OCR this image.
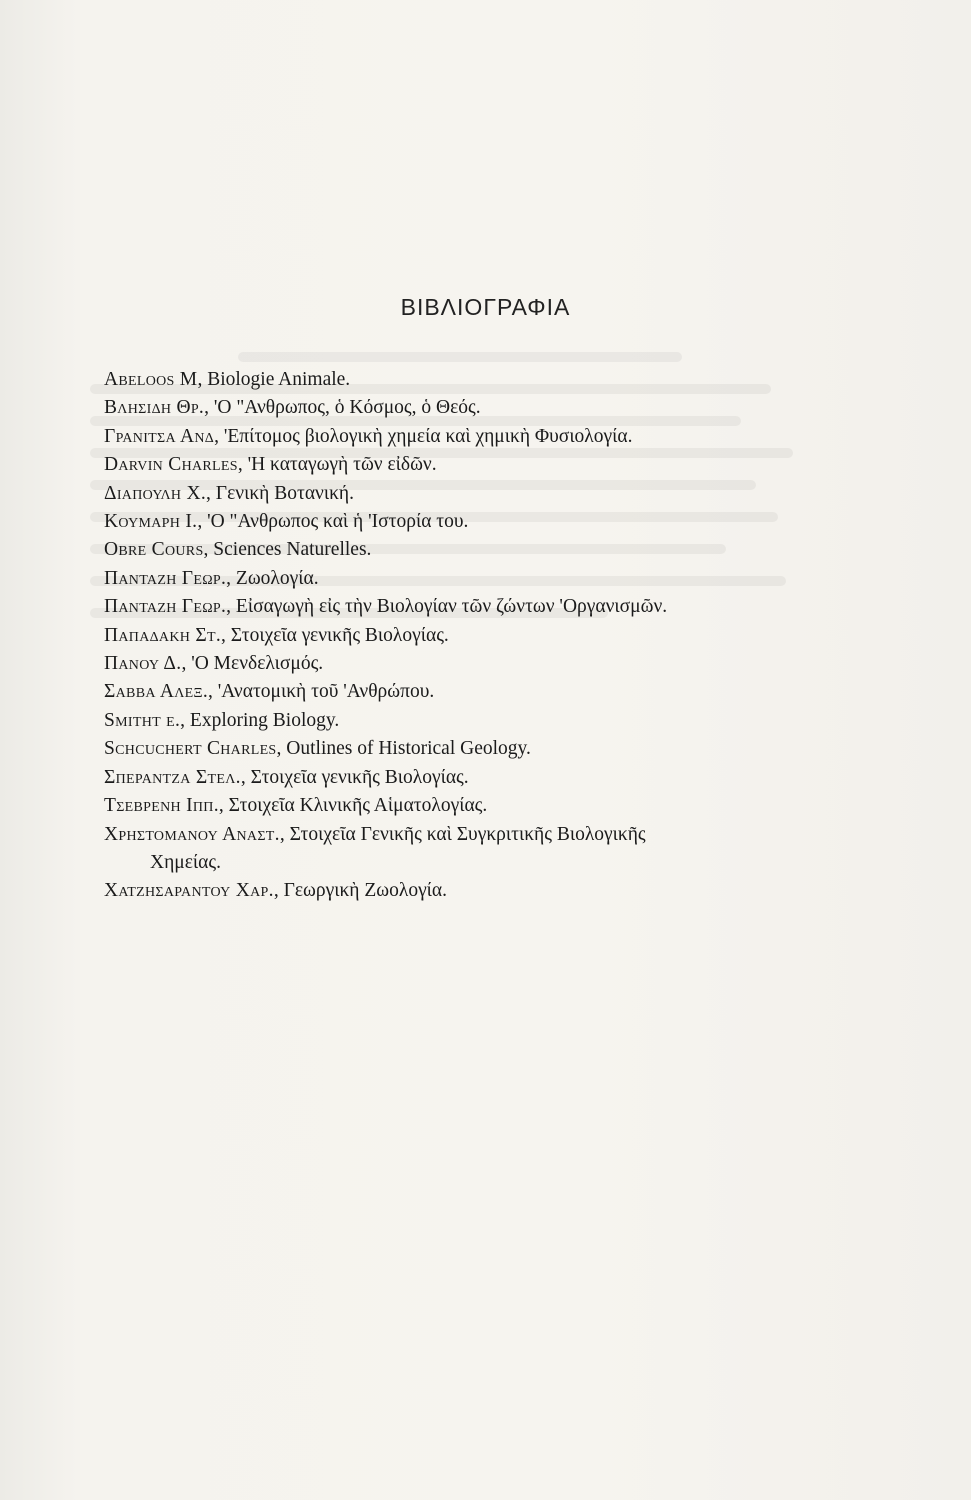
ΒΙΒΛΙΟΓΡΑΦΙΑ
Abeloos M, Biologie Animale.
Βλησιδη Θρ., 'Ο "Ανθρωπος, ὁ Κόσμος, ὁ Θεός.
Γρανιτσα Ανδ, 'Επίτομος βιολογικὴ χημεία καὶ χημικὴ Φυσιολογία.
Darvin Charles, 'Η καταγωγὴ τῶν εἰδῶν.
Διαπουλη Χ., Γενικὴ Βοτανική.
Κουμαρη Ι., 'Ο "Ανθρωπος καὶ ἡ 'Ιστορία του.
Obre Cours, Sciences Naturelles.
Πανταζη Γεωρ., Ζωολογία.
Πανταζη Γεωρ., Εἰσαγωγὴ εἰς τὴν Βιολογίαν τῶν ζώντων 'Οργανισμῶν.
Παπαδακη Στ., Στοιχεῖα γενικῆς Βιολογίας.
Πανου Δ., 'Ο Μενδελισμός.
Σαββα Αλεξ., 'Ανατομικὴ τοῦ 'Ανθρώπου.
Smitht e., Exploring Biology.
Schcuchert Charles, Outlines of Historical Geology.
Σπεραντζα Στελ., Στοιχεῖα γενικῆς Βιολογίας.
Τσεβρενη Ιππ., Στοιχεῖα Κλινικῆς Αἱματολογίας.
Χρηστομανου Αναστ., Στοιχεῖα Γενικῆς καὶ Συγκριτικῆς Βιολογικῆς
Χημείας.
Χατζησαραντου Χαρ., Γεωργικὴ Ζωολογία.
